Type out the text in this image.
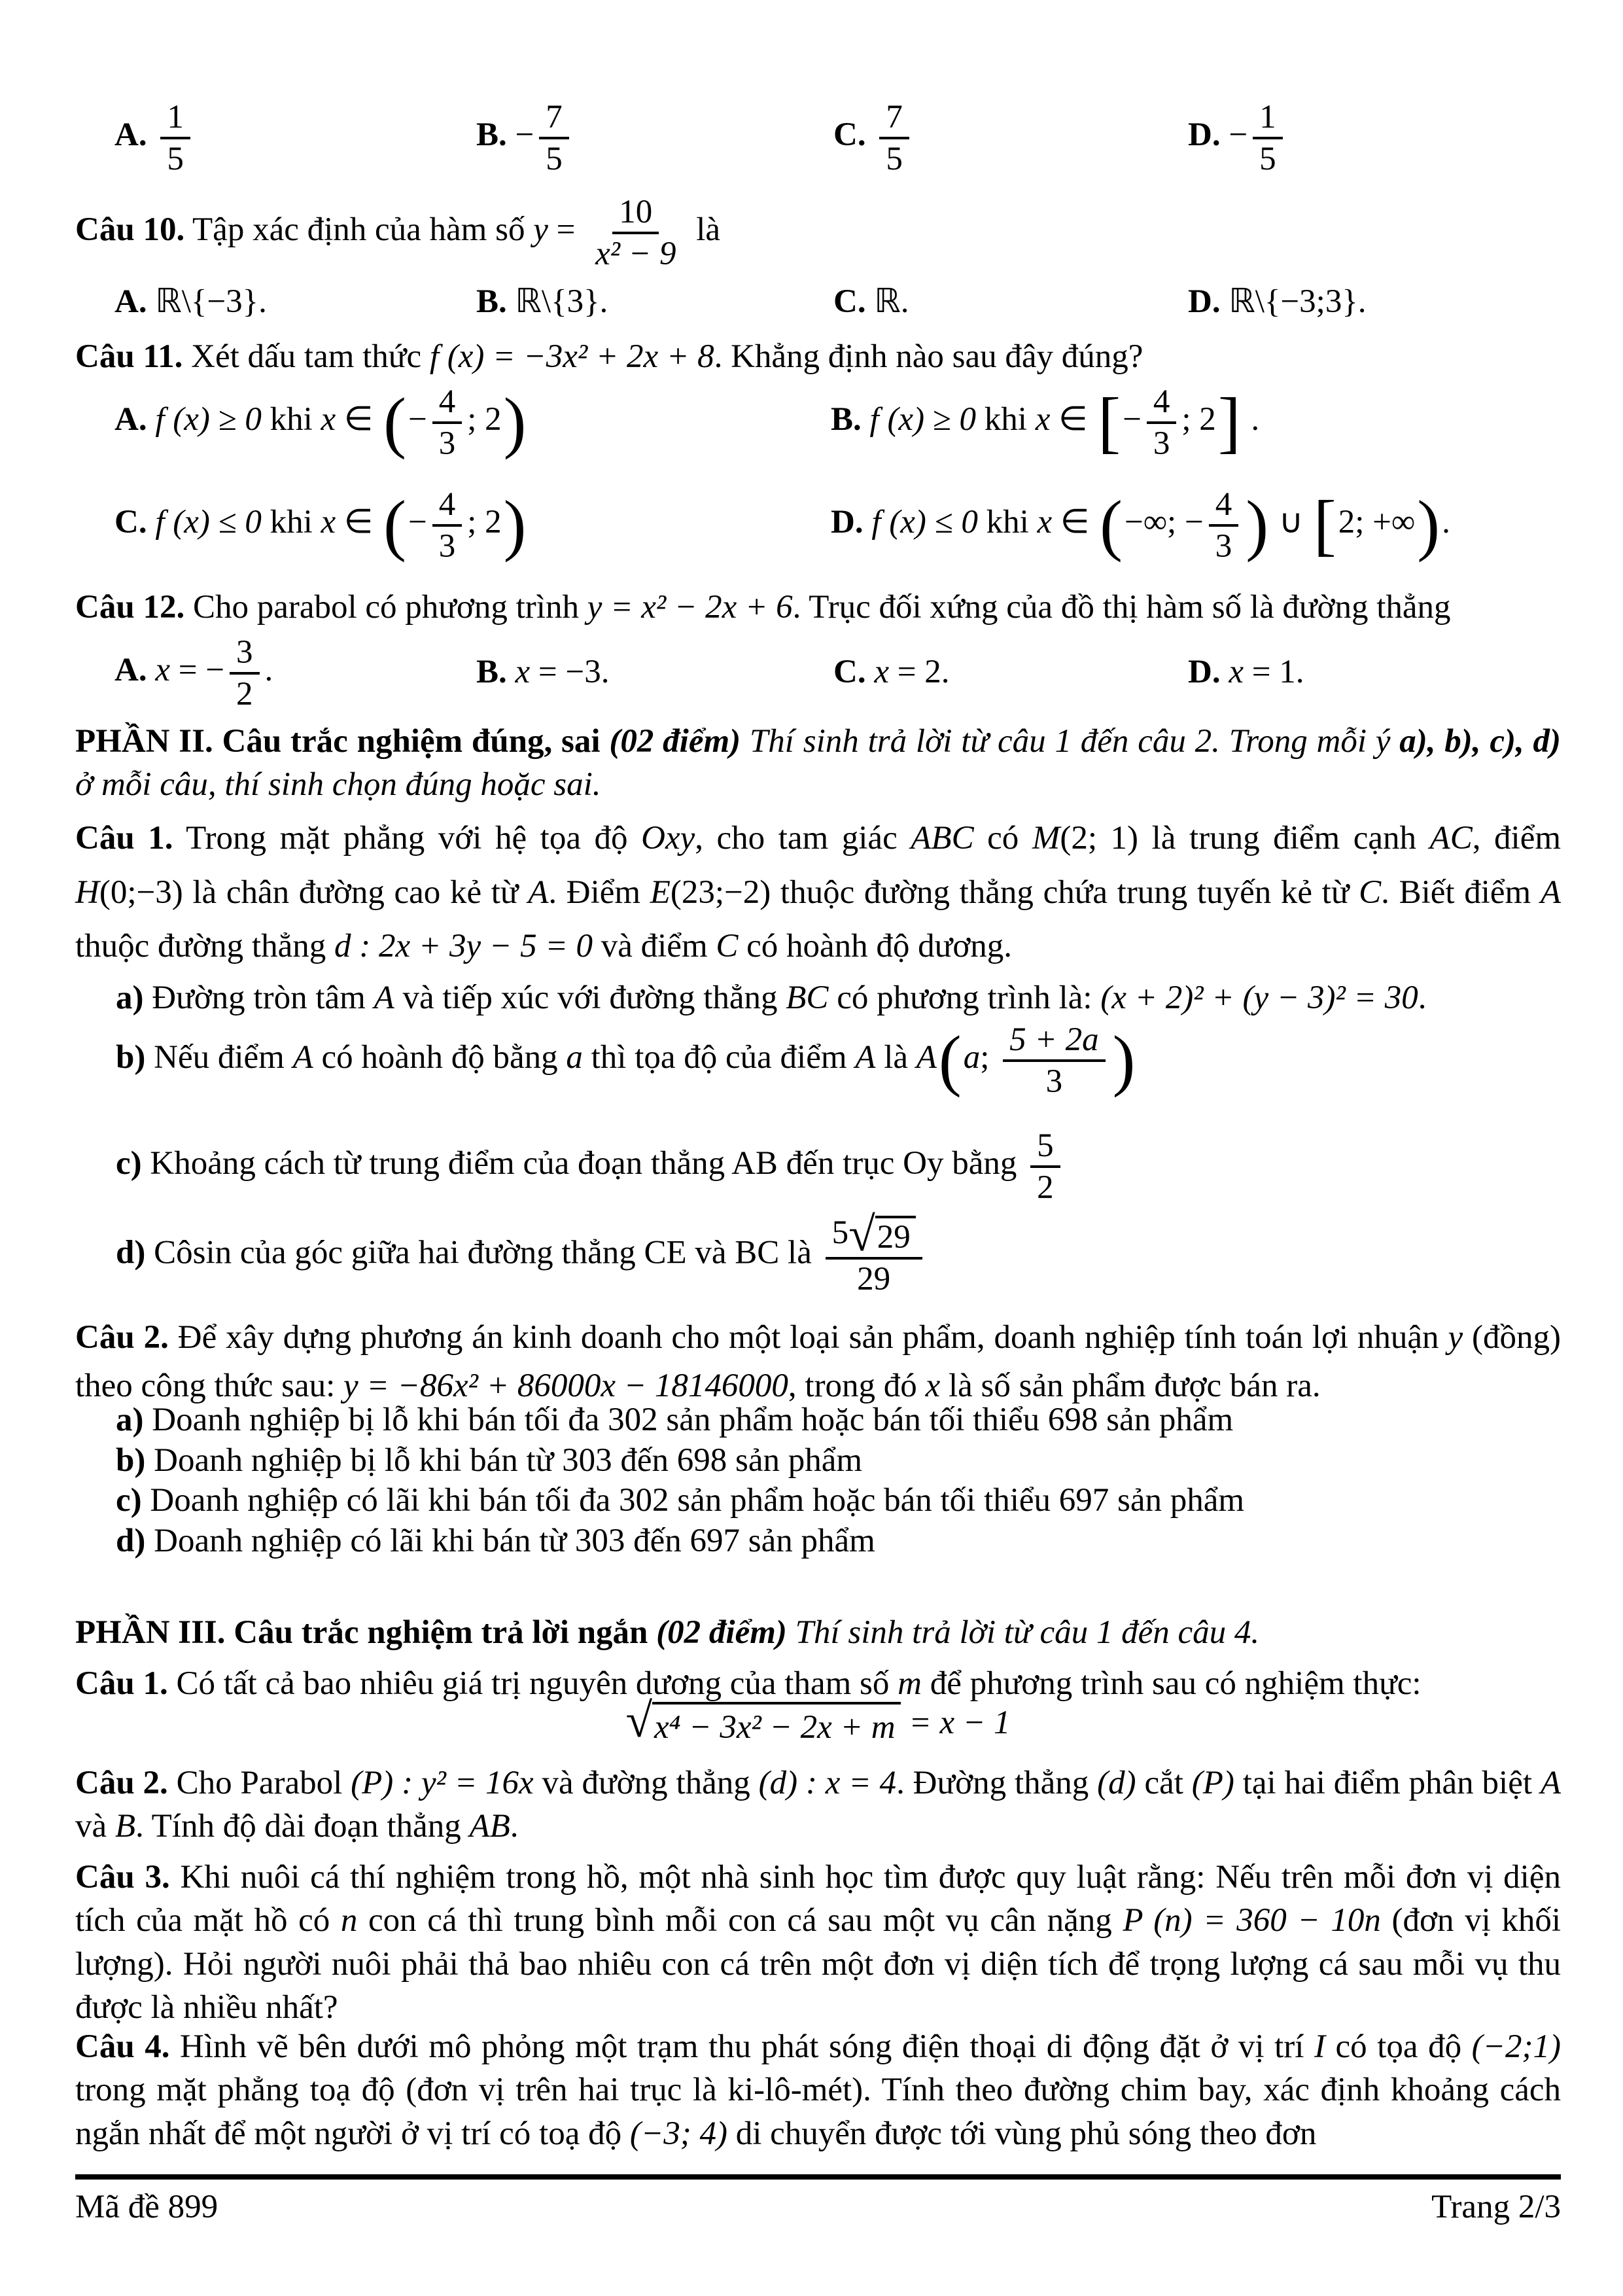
A. $\frac{1}{5}$	B. − $\frac{7}{5}$	C. $\frac{7}{5}$	D. − $\frac{1}{5}$
Câu 10. Tập xác định của hàm số $y = \frac{10}{\text{x² − 9}}$ là
A. ℝ\{−3}.	B. ℝ\{3}.	C. ℝ.	D. ℝ\{−3;3}.
Câu 11. Xét dấu tam thức f (x) = −3x² + 2x + 8. Khẳng định nào sau đây đúng?
A. f (x) ≥ 0 khi x ∈ (− $\frac{4}{3}$ ; 2)	B. f (x) ≥ 0 khi x ∈ [− $\frac{4}{3}$ ; 2] .
C. f (x) ≤ 0 khi x ∈ (− $\frac{4}{3}$ ; 2)	D. f (x) ≤ 0 khi x ∈ (−∞; − $\frac{4}{3}$ ) ∪ [2; +∞).
Câu 12. Cho parabol có phương trình y = x² − 2x + 6. Trục đối xứng của đồ thị hàm số là đường thẳng
A. x = − $\frac{3}{2}$ .	B. x = −3.	C. x = 2.	D. x = 1.
PHẦN II. Câu trắc nghiệm đúng, sai (02 điểm) Thí sinh trả lời từ câu 1 đến câu 2. Trong mỗi ý a), b), c), d) ở mỗi câu, thí sinh chọn đúng hoặc sai.
Câu 1. Trong mặt phẳng với hệ tọa độ Oxy, cho tam giác ABC có M(2; 1) là trung điểm cạnh AC, điểm H(0;−3) là chân đường cao kẻ từ A. Điểm E(23;−2) thuộc đường thẳng chứa trung tuyến kẻ từ C. Biết điểm A thuộc đường thẳng d : 2x + 3y − 5 = 0 và điểm C có hoành độ dương.
a) Đường tròn tâm A và tiếp xúc với đường thẳng BC có phương trình là: (x + 2)² + (y − 3)² = 30.
b) Nếu điểm A có hoành độ bằng a thì tọa độ của điểm A là A(a; $\frac{5 + 2a}{3}$ )
c) Khoảng cách từ trung điểm của đoạn thẳng AB đến trục Oy bằng $\frac{5}{2}$
d) Côsin của góc giữa hai đường thẳng CE và BC là $\frac{5 √ 29}{29}$
Câu 2. Để xây dựng phương án kinh doanh cho một loại sản phẩm, doanh nghiệp tính toán lợi nhuận y (đồng) theo công thức sau: y = −86x² + 86000x − 18146000, trong đó x là số sản phẩm được bán ra.
a) Doanh nghiệp bị lỗ khi bán tối đa 302 sản phẩm hoặc bán tối thiểu 698 sản phẩm
b) Doanh nghiệp bị lỗ khi bán từ 303 đến 698 sản phẩm
c) Doanh nghiệp có lãi khi bán tối đa 302 sản phẩm hoặc bán tối thiểu 697 sản phẩm
d) Doanh nghiệp có lãi khi bán từ 303 đến 697 sản phẩm
PHẦN III. Câu trắc nghiệm trả lời ngắn (02 điểm) Thí sinh trả lời từ câu 1 đến câu 4.
Câu 1. Có tất cả bao nhiêu giá trị nguyên dương của tham số m để phương trình sau có nghiệm thực:
√ x⁴ − 3x² − 2x + m = x − 1
Câu 2. Cho Parabol (P) : y² = 16x và đường thẳng (d) : x = 4. Đường thẳng (d) cắt (P) tại hai điểm phân biệt A và B. Tính độ dài đoạn thẳng AB.
Câu 3. Khi nuôi cá thí nghiệm trong hồ, một nhà sinh học tìm được quy luật rằng: Nếu trên mỗi đơn vị diện tích của mặt hồ có n con cá thì trung bình mỗi con cá sau một vụ cân nặng P (n) = 360 − 10n (đơn vị khối lượng). Hỏi người nuôi phải thả bao nhiêu con cá trên một đơn vị diện tích để trọng lượng cá sau mỗi vụ thu được là nhiều nhất?
Câu 4. Hình vẽ bên dưới mô phỏng một trạm thu phát sóng điện thoại di động đặt ở vị trí I có tọa độ (−2;1) trong mặt phẳng toạ độ (đơn vị trên hai trục là ki-lô-mét). Tính theo đường chim bay, xác định khoảng cách ngắn nhất để một người ở vị trí có toạ độ (−3; 4) di chuyển được tới vùng phủ sóng theo đơn
Mã đề 899	Trang 2/3
